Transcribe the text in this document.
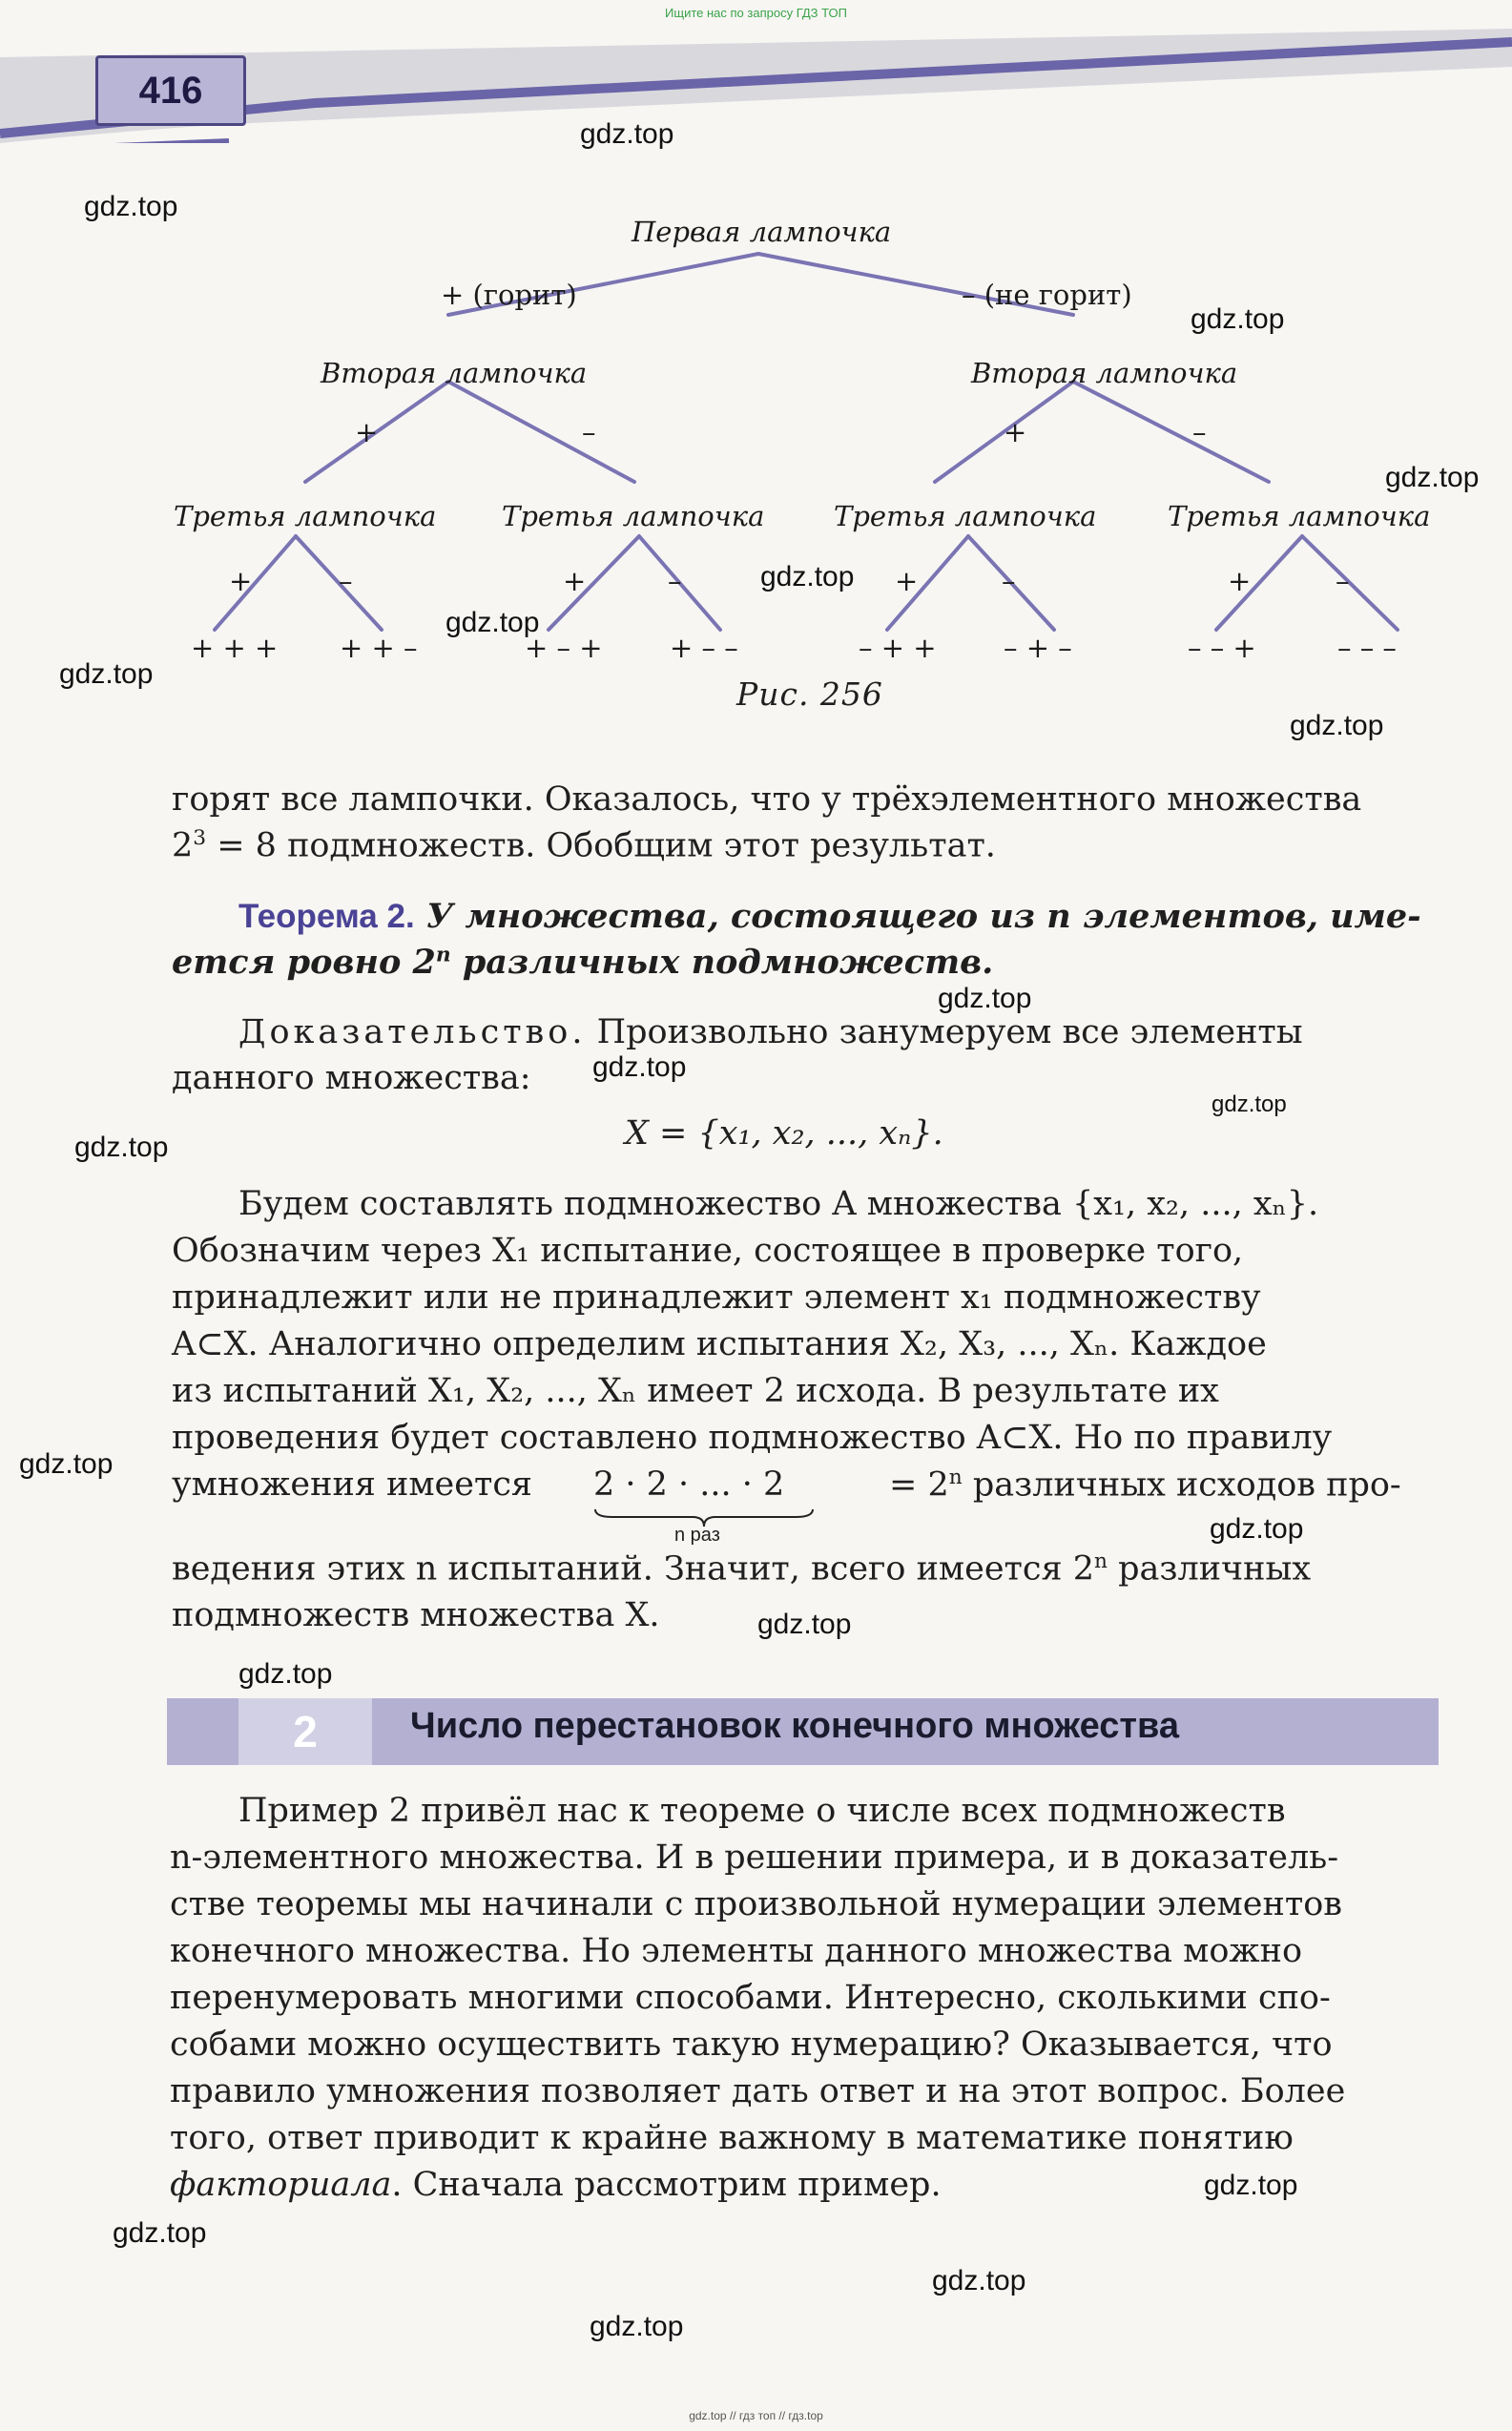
Ищите нас по запросу ГДЗ ТОП
gdz.top // гдз топ // гдз.top
416
gdz.top
gdz.top
gdz.top
gdz.top
gdz.top
gdz.top
gdz.top
gdz.top
gdz.top
gdz.top
gdz.top
gdz.top
gdz.top
gdz.top
gdz.top
gdz.top
gdz.top
gdz.top
gdz.top
gdz.top
Первая лампочка
+ (горит)	– (не горит)
Вторая лампочка	Вторая лампочка
+	–	+	–
Третья лампочка Третья лампочка	Третья лампочка	Третья лампочка
+	–	+	–	+	–	+	–
+ + + + + –	+ – + + – –	– + + – + –	– – +	– – –
Рис. 256
горят все лампочки. Оказалось, что у трёхэлементного множества
$2^3 = 8$ подмножеств. Обобщим этот результат.
Теорема 2. У множества, состоящего из n элементов, име-
ется ровно 2$^n$ различных подмножеств.
Доказательство. Произвольно занумеруем все элементы
данного множества:
X = {x₁, x₂, ..., xₙ}.
Будем составлять подмножество A множества {x₁, x₂, ..., xₙ}.
Обозначим через X₁ испытание, состоящее в проверке того,
принадлежит или не принадлежит элемент x₁ подмножеству
A⊂X. Аналогично определим испытания X₂, X₃, ..., Xₙ. Каждое
из испытаний X₁, X₂, ..., Xₙ имеет 2 исхода. В результате их
проведения будет составлено подмножество A⊂X. Но по правилу
умножения имеется 2 · 2 · ... · 2
n раз
= $2^n$ различных исходов про-
ведения этих n испытаний. Значит, всего имеется 2$^n$ различных
подмножеств множества X.
2	Число перестановок конечного множества
Пример 2 привёл нас к теореме о числе всех подмножеств
n-элементного множества. И в решении примера, и в доказатель-
стве теоремы мы начинали с произвольной нумерации элементов
конечного множества. Но элементы данного множества можно
перенумеровать многими способами. Интересно, сколькими спо-
собами можно осуществить такую нумерацию? Оказывается, что
правило умножения позволяет дать ответ и на этот вопрос. Более
того, ответ приводит к крайне важному в математике понятию
факториала. Сначала рассмотрим пример.
